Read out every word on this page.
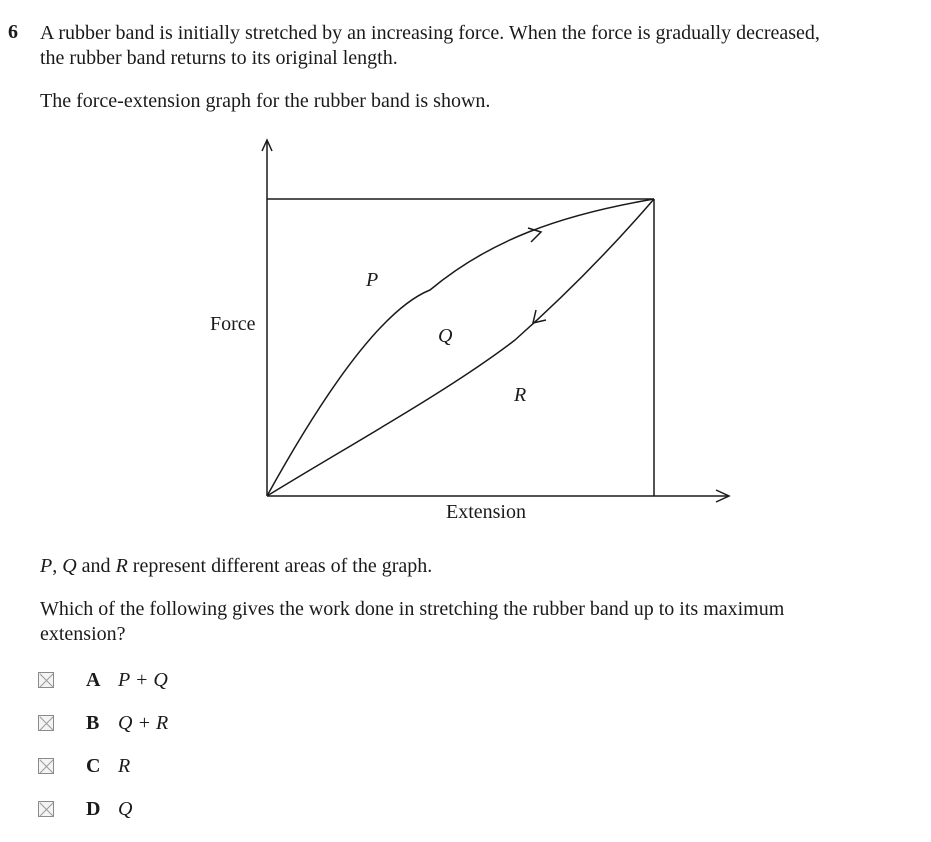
6 A rubber band is initially stretched by an increasing force. When the force is gradually decreased, the rubber band returns to its original length.

The force-extension graph for the rubber band is shown.

Force
Extension
P
Q
R

P, Q and R represent different areas of the graph.

Which of the following gives the work done in stretching the rubber band up to its maximum extension?

A P + Q
B Q + R
C R
D Q
